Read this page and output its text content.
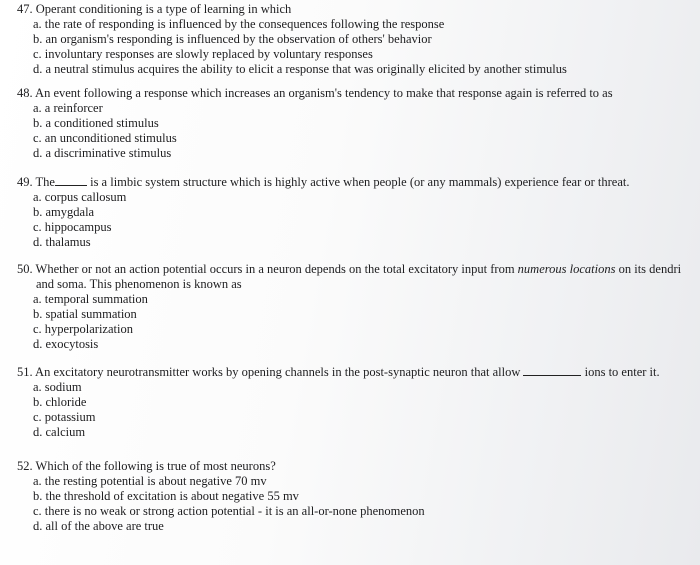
47. Operant conditioning is a type of learning in which
a. the rate of responding is influenced by the consequences following the response
b. an organism's responding is influenced by the observation of others' behavior
c. involuntary responses are slowly replaced by voluntary responses
d. a neutral stimulus acquires the ability to elicit a response that was originally elicited by another stimulus
48. An event following a response which increases an organism's tendency to make that response again is referred to as
a. a reinforcer
b. a conditioned stimulus
c. an unconditioned stimulus
d. a discriminative stimulus
49. The	is a limbic system structure which is highly active when people (or any mammals) experience fear or threat.
a. corpus callosum
b. amygdala
c. hippocampus
d. thalamus
50. Whether or not an action potential occurs in a neuron depends on the total excitatory input from numerous locations on its dendri
and soma. This phenomenon is known as
a. temporal summation
b. spatial summation
c. hyperpolarization
d. exocytosis
51. An excitatory neurotransmitter works by opening channels in the post-synaptic neuron that allow	ions to enter it.
a. sodium
b. chloride
c. potassium
d. calcium
52. Which of the following is true of most neurons?
a. the resting potential is about negative 70 mv
b. the threshold of excitation is about negative 55 mv
c. there is no weak or strong action potential - it is an all-or-none phenomenon
d. all of the above are true
